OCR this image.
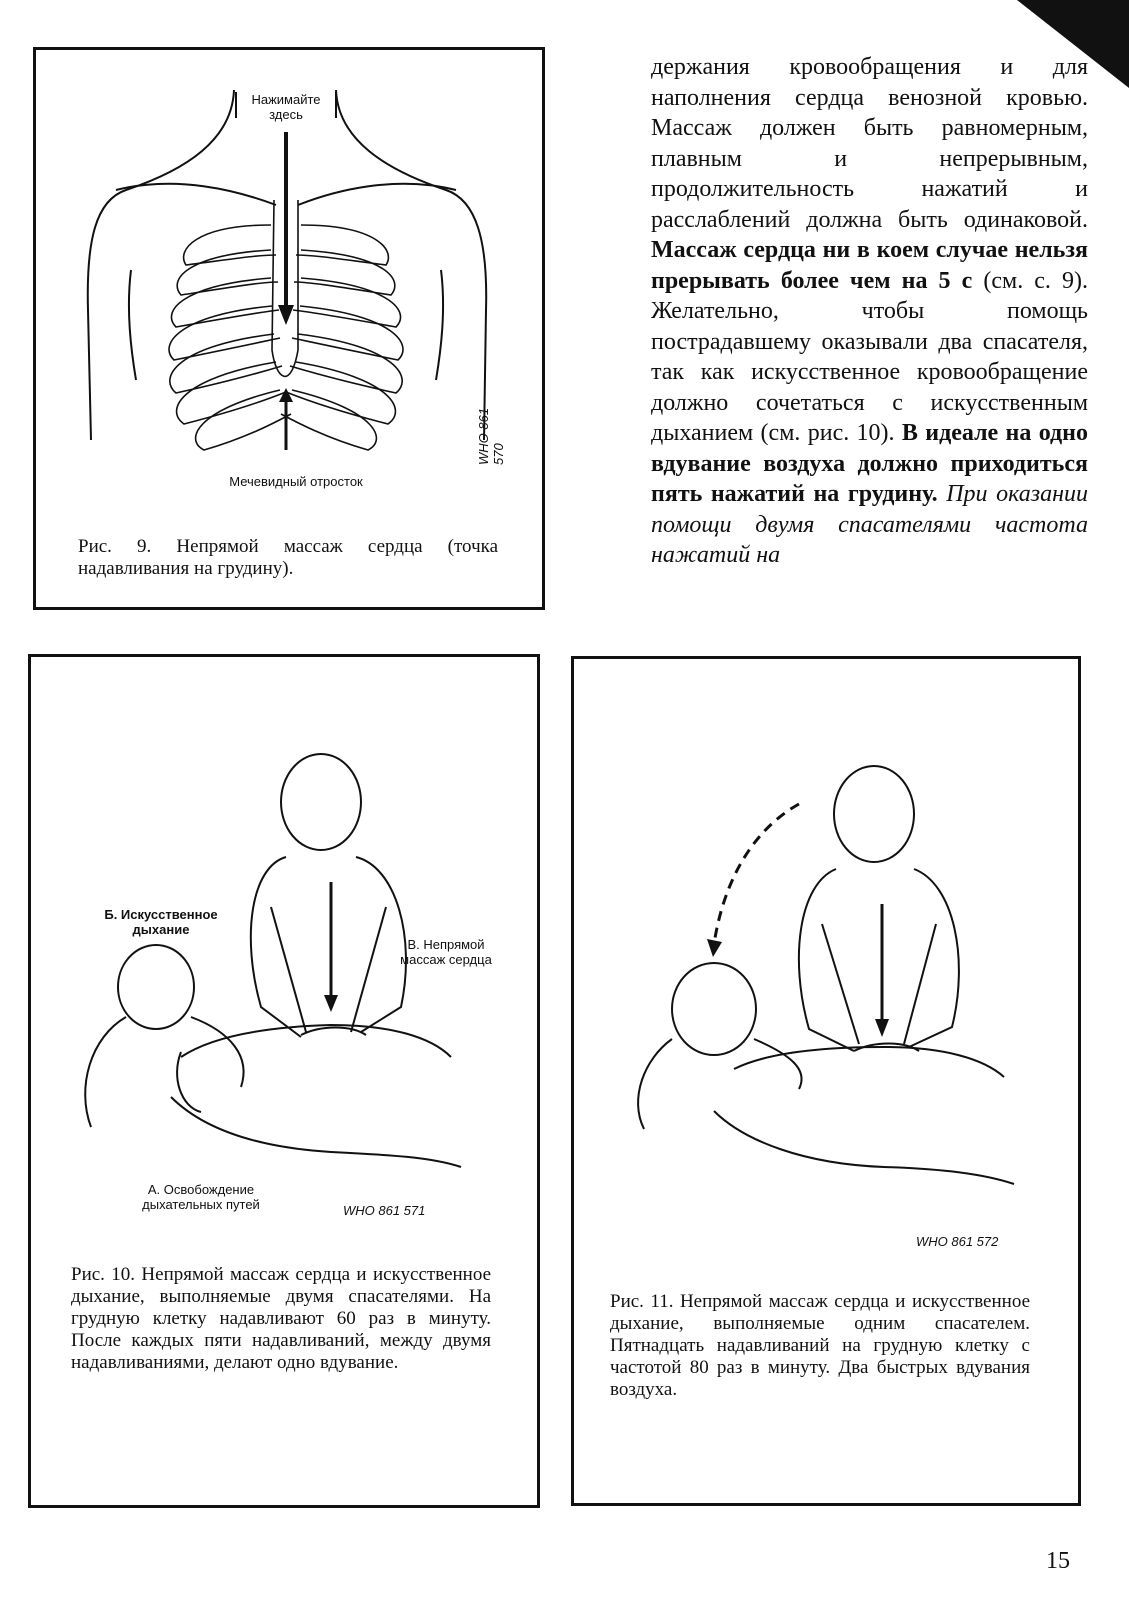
Нажимайте
здесь
Мечевидный отросток
WHO 861 570
Рис. 9. Непрямой массаж сердца (точка надавливания на грудину).
держания кровообращения и для наполнения сердца венозной кровью. Массаж должен быть равномерным, плавным и непрерывным, продолжительность нажатий и расслаблений должна быть одинаковой. Массаж сердца ни в коем случае нельзя прерывать более чем на 5 с (см. с. 9). Желательно, чтобы помощь пострадавшему оказывали два спасателя, так как искусственное кровообращение должно сочетаться с искусственным дыханием (см. рис. 10). В идеале на одно вдувание воздуха должно приходиться пять нажатий на грудину. При оказании помощи двумя спасателями частота нажатий на
Б. Искусственное
дыхание
В. Непрямой
массаж сердца
А. Освобождение
дыхательных путей	WHO 861 571
Рис. 10. Непрямой массаж сердца и искусственное дыхание, выполняемые двумя спасателями. На грудную клетку надавливают 60 раз в минуту. После каждых пяти надавливаний, между двумя надавливаниями, делают одно вдувание.
WHO 861 572
Рис. 11. Непрямой массаж сердца и искусственное дыхание, выполняемые одним спасателем. Пятнадцать надавливаний на грудную клетку с частотой 80 раз в минуту. Два быстрых вдувания воздуха.
15
